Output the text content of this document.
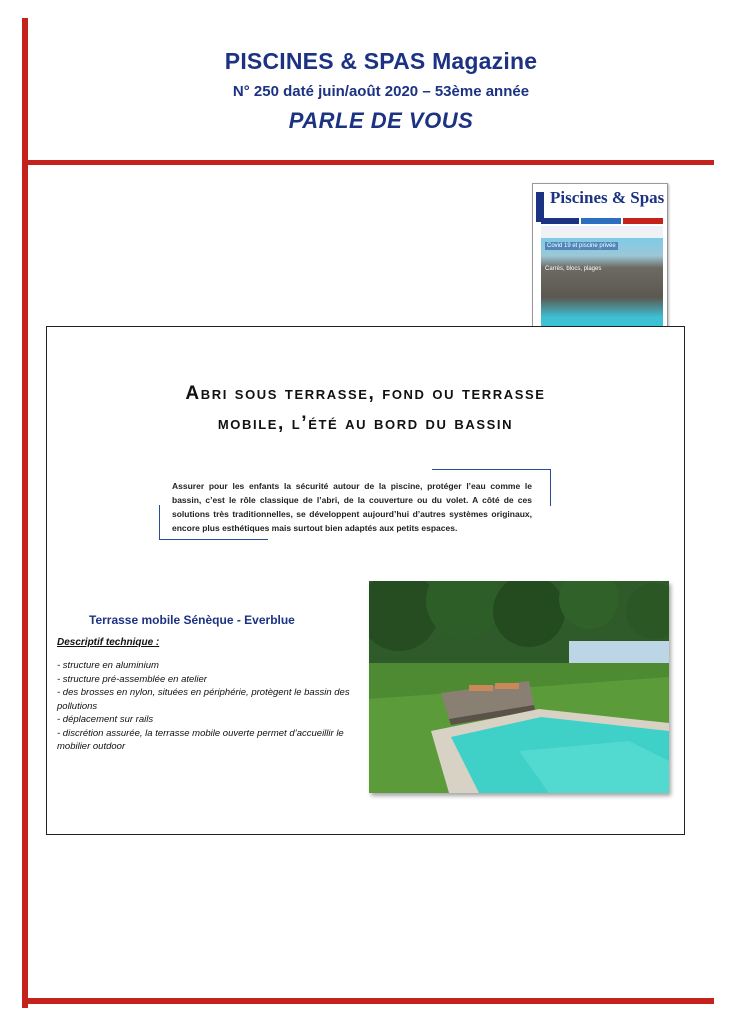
PISCINES & SPAS Magazine
N° 250 daté juin/août 2020 – 53ème année
PARLE DE VOUS
Piscines & Spas
Covid 19 et piscine privée
Carrés, blocs, plages
Abri sous terrasse, fond ou terrasse
mobile, l’été au bord du bassin
Assurer pour les enfants la sécurité autour de la piscine, protéger l’eau comme le bassin, c’est le rôle classique de l’abri, de la couverture ou du volet. A côté de ces solutions très traditionnelles, se développent aujourd’hui d’autres systèmes originaux, encore plus esthétiques mais surtout bien adaptés aux petits espaces.
Terrasse mobile Sénèque - Everblue
Descriptif technique :
- structure en aluminium
- structure pré-assemblée en atelier
- des brosses en nylon, situées en périphérie, protègent le bassin des pollutions
- déplacement sur rails
- discrétion assurée, la terrasse mobile ouverte permet d’accueillir le mobilier outdoor
